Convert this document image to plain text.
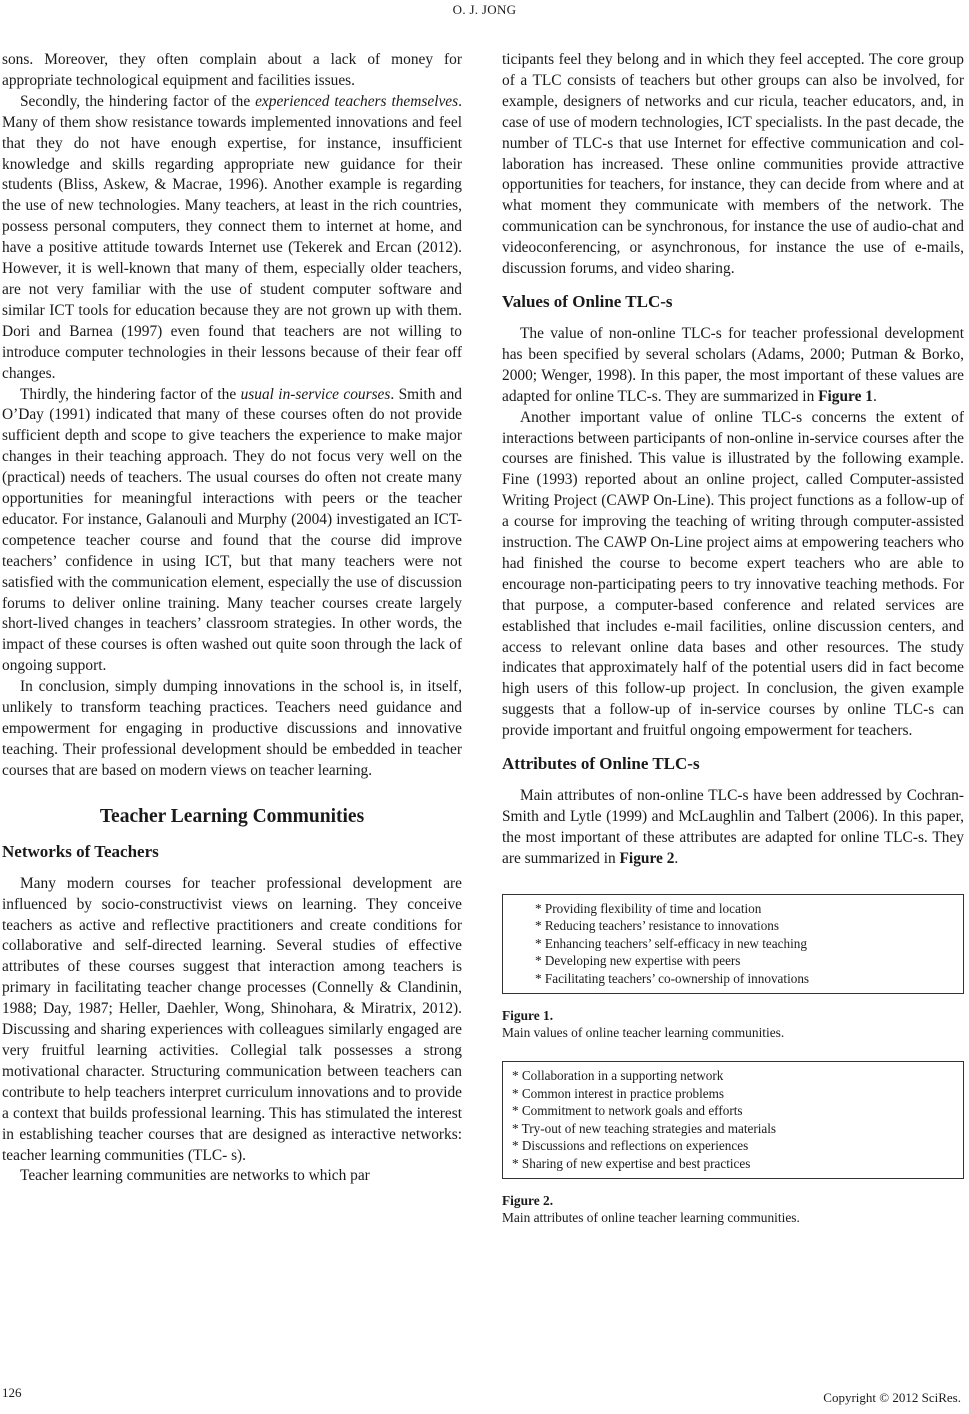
O. J. JONG

sons. Moreover, they often complain about a lack of money for appropriate technological equipment and facilities issues.

Secondly, the hindering factor of the experienced teachers themselves. Many of them show resistance towards implemented innovations and feel that they do not have enough expertise, for instance, insufficient knowledge and skills regarding appropriate new guidance for their students (Bliss, Askew, & Macrae, 1996). Another example is regarding the use of new technologies. Many teachers, at least in the rich countries, possess personal computers, they connect them to internet at home, and have a positive attitude towards Internet use (Tekerek and Ercan (2012). However, it is well-known that many of them, especially older teachers, are not very familiar with the use of student computer software and similar ICT tools for education because they are not grown up with them. Dori and Barnea (1997) even found that teachers are not willing to introduce computer technologies in their lessons because of their fear off changes.

Thirdly, the hindering factor of the usual in-service courses. Smith and O’Day (1991) indicated that many of these courses often do not provide sufficient depth and scope to give teachers the experience to make major changes in their teaching approach. They do not focus very well on the (practical) needs of teachers. The usual courses do often not create many opportunities for meaningful interactions with peers or the teacher educator. For instance, Galanouli and Murphy (2004) investigated an ICT-competence teacher course and found that the course did improve teachers’ confidence in using ICT, but that many teachers were not satisfied with the communication element, especially the use of discussion forums to deliver online training. Many teacher courses create largely short-lived changes in teachers’ classroom strategies. In other words, the impact of these courses is often washed out quite soon through the lack of ongoing support.

In conclusion, simply dumping innovations in the school is, in itself, unlikely to transform teaching practices. Teachers need guidance and empowerment for engaging in productive discussions and innovative teaching. Their professional development should be embedded in teacher courses that are based on modern views on teacher learning.

Teacher Learning Communities
Networks of Teachers

Many modern courses for teacher professional development are influenced by socio-constructivist views on learning. They conceive teachers as active and reflective practitioners and create conditions for collaborative and self-directed learning. Several studies of effective attributes of these courses suggest that interaction among teachers is primary in facilitating teacher change processes (Connelly & Clandinin, 1988; Day, 1987; Heller, Daehler, Wong, Shinohara, & Miratrix, 2012). Discussing and sharing experiences with colleagues similarly engaged are very fruitful learning activities. Collegial talk possesses a strong motivational character. Structuring communication between teachers can contribute to help teachers interpret curriculum innovations and to provide a context that builds professional learning. This has stimulated the interest in establishing teacher courses that are designed as interactive networks: teacher learning communities (TLC- s).

Teacher learning communities are networks to which par

ticipants feel they belong and in which they feel accepted. The core group of a TLC consists of teachers but other groups can also be involved, for example, designers of networks and cur ricula, teacher educators, and, in case of use of modern technologies, ICT specialists. In the past decade, the number of TLC-s that use Internet for effective communication and collaboration has increased. These online communities provide attractive opportunities for teachers, for instance, they can decide from where and at what moment they communicate with members of the network. The communication can be synchronous, for instance the use of audio-chat and videoconferencing, or asynchronous, for instance the use of e-mails, discussion forums, and video sharing.

Values of Online TLC-s

The value of non-online TLC-s for teacher professional development has been specified by several scholars (Adams, 2000; Putman & Borko, 2000; Wenger, 1998). In this paper, the most important of these values are adapted for online TLC-s. They are summarized in Figure 1.

Another important value of online TLC-s concerns the extent of interactions between participants of non-online in-service courses after the courses are finished. This value is illustrated by the following example. Fine (1993) reported about an online project, called Computer-assisted Writing Project (CAWP On-Line). This project functions as a follow-up of a course for improving the teaching of writing through computer-assisted instruction. The CAWP On-Line project aims at empowering teachers who had finished the course to become expert teachers who are able to encourage non-participating peers to try innovative teaching methods. For that purpose, a computer-based conference and related services are established that includes e-mail facilities, online discussion centers, and access to relevant online data bases and other resources. The study indicates that approximately half of the potential users did in fact become high users of this follow-up project. In conclusion, the given example suggests that a follow-up of in-service courses by online TLC-s can provide important and fruitful ongoing empowerment for teachers.

Attributes of Online TLC-s

Main attributes of non-online TLC-s have been addressed by Cochran-Smith and Lytle (1999) and McLaughlin and Talbert (2006). In this paper, the most important of these attributes are adapted for online TLC-s. They are summarized in Figure 2.

* Providing flexibility of time and location
* Reducing teachers’ resistance to innovations
* Enhancing teachers’ self-efficacy in new teaching
* Developing new expertise with peers
* Facilitating teachers’ co-ownership of innovations
Figure 1.
Main values of online teacher learning communities.
* Collaboration in a supporting network
* Common interest in practice problems
* Commitment to network goals and efforts
* Try-out of new teaching strategies and materials
* Discussions and reflections on experiences
* Sharing of new expertise and best practices
Figure 2.
Main attributes of online teacher learning communities.
126	Copyright © 2012 SciRes.
